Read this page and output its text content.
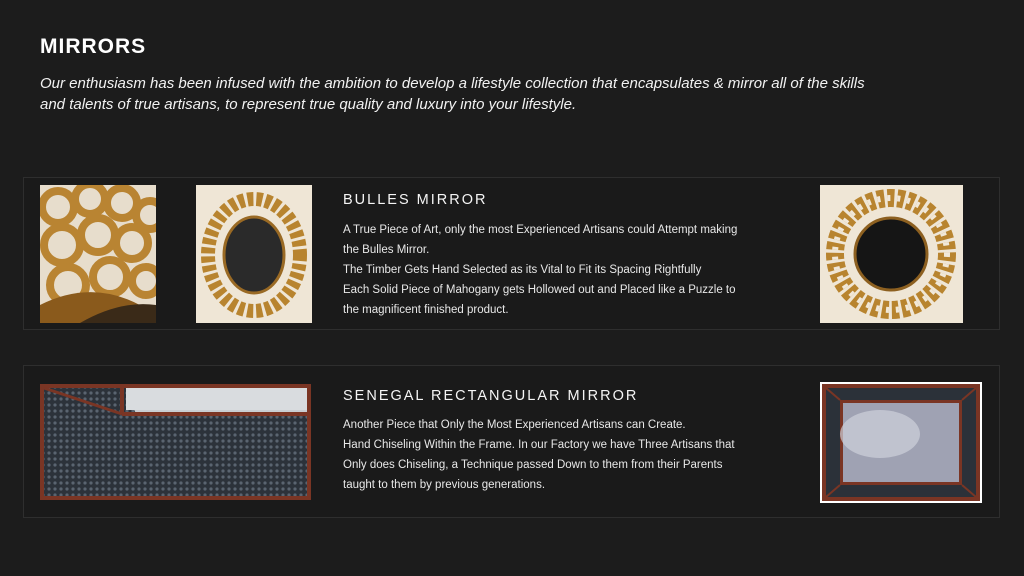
MIRRORS
Our enthusiasm has been infused with the ambition to develop a lifestyle collection that encapsulates & mirror all of the skills
and talents of true artisans, to represent true quality and luxury into your lifestyle.
BULLES MIRROR
A True Piece of Art, only the most Experienced Artisans could Attempt making
the Bulles Mirror.
The Timber Gets Hand Selected as its Vital to Fit its Spacing Rightfully
Each Solid Piece of Mahogany gets Hollowed out and Placed like a Puzzle to
the magnificent finished product.
SENEGAL RECTANGULAR MIRROR
Another Piece that Only the Most Experienced Artisans can Create.
Hand Chiseling Within the Frame. In our Factory we have Three Artisans that
Only does Chiseling, a Technique passed Down to them from their Parents
taught to them by previous generations.
